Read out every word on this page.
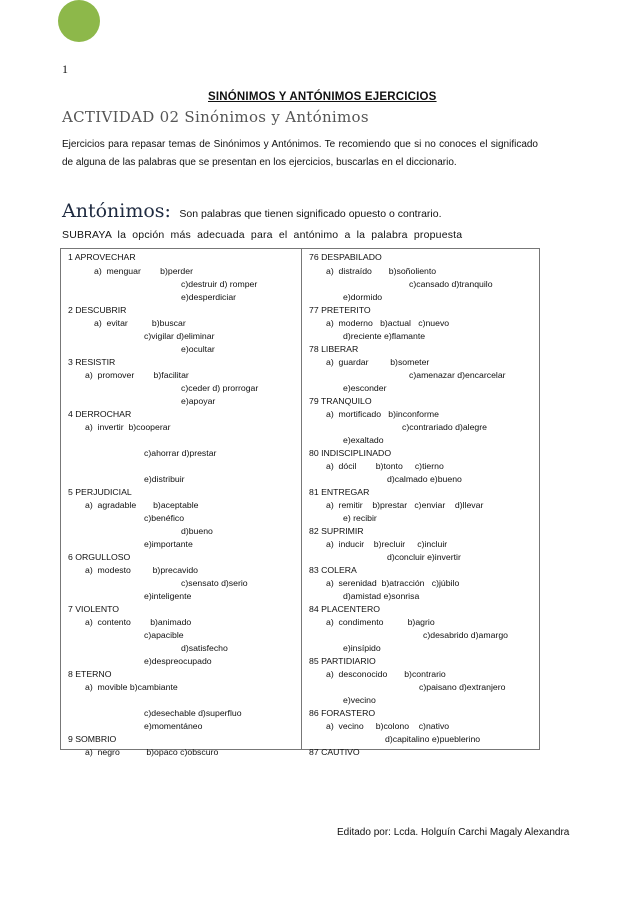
1
SINÓNIMOS Y ANTÓNIMOS EJERCICIOS
ACTIVIDAD 02 Sinónimos y Antónimos
Ejercicios para repasar temas de Sinónimos y Antónimos. Te recomiendo que si no conoces el significado de alguna de las palabras que se presentan en los ejercicios, buscarlas en el diccionario.
Antónimos: Son palabras que tienen significado opuesto o contrario.
SUBRAYA la opción más adecuada para el antónimo a la palabra propuesta
1 APROVECHAR
a)  menguar        b)perder
c)destruir d) romper
e)desperdiciar
2 DESCUBRIR
a)  evitar          b)buscar
c)vigilar d)eliminar
e)ocultar
3 RESISTIR
a)  promover        b)facilitar
c)ceder d) prorrogar
e)apoyar
4 DERROCHAR
a)  invertir  b)cooperar
c)ahorrar d)prestar
e)distribuir
5 PERJUDICIAL
a)  agradable       b)aceptable
c)benéfico
d)bueno
e)importante
6 ORGULLOSO
a)  modesto         b)precavido
c)sensato d)serio
e)inteligente
7 VIOLENTO
a)  contento        b)animado
c)apacible
d)satisfecho
e)despreocupado
8 ETERNO
a)  movible b)cambiante
c)desechable d)superfluo
e)momentáneo
9 SOMBRIO
a)  negro           b)opaco c)obscuro
76 DESPABILADO
a)  distraído       b)soñoliento
c)cansado d)tranquilo
e)dormido
77 PRETERITO
a)  moderno   b)actual   c)nuevo
d)reciente e)flamante
78 LIBERAR
a)  guardar         b)someter
c)amenazar d)encarcelar
e)esconder
79 TRANQUILO
a)  mortificado   b)inconforme
c)contrariado d)alegre
e)exaltado
80 INDISCIPLINADO
a)  dócil        b)tonto     c)tierno
d)calmado e)bueno
81 ENTREGAR
a)  remitir    b)prestar   c)enviar    d)llevar
e) recibir
82 SUPRIMIR
a)  inducir    b)recluir     c)incluir
d)concluir e)invertir
83 COLERA
a)  serenidad  b)atracción   c)júbilo
d)amistad e)sonrisa
84 PLACENTERO
a)  condimento          b)agrio
c)desabrido d)amargo
e)insípido
85 PARTIDIARIO
a)  desconocido       b)contrario
c)paisano d)extranjero
e)vecino
86 FORASTERO
a)  vecino     b)colono    c)nativo
d)capitalino e)pueblerino
87 CAUTIVO
Editado por: Lcda. Holguín Carchi Magaly Alexandra
